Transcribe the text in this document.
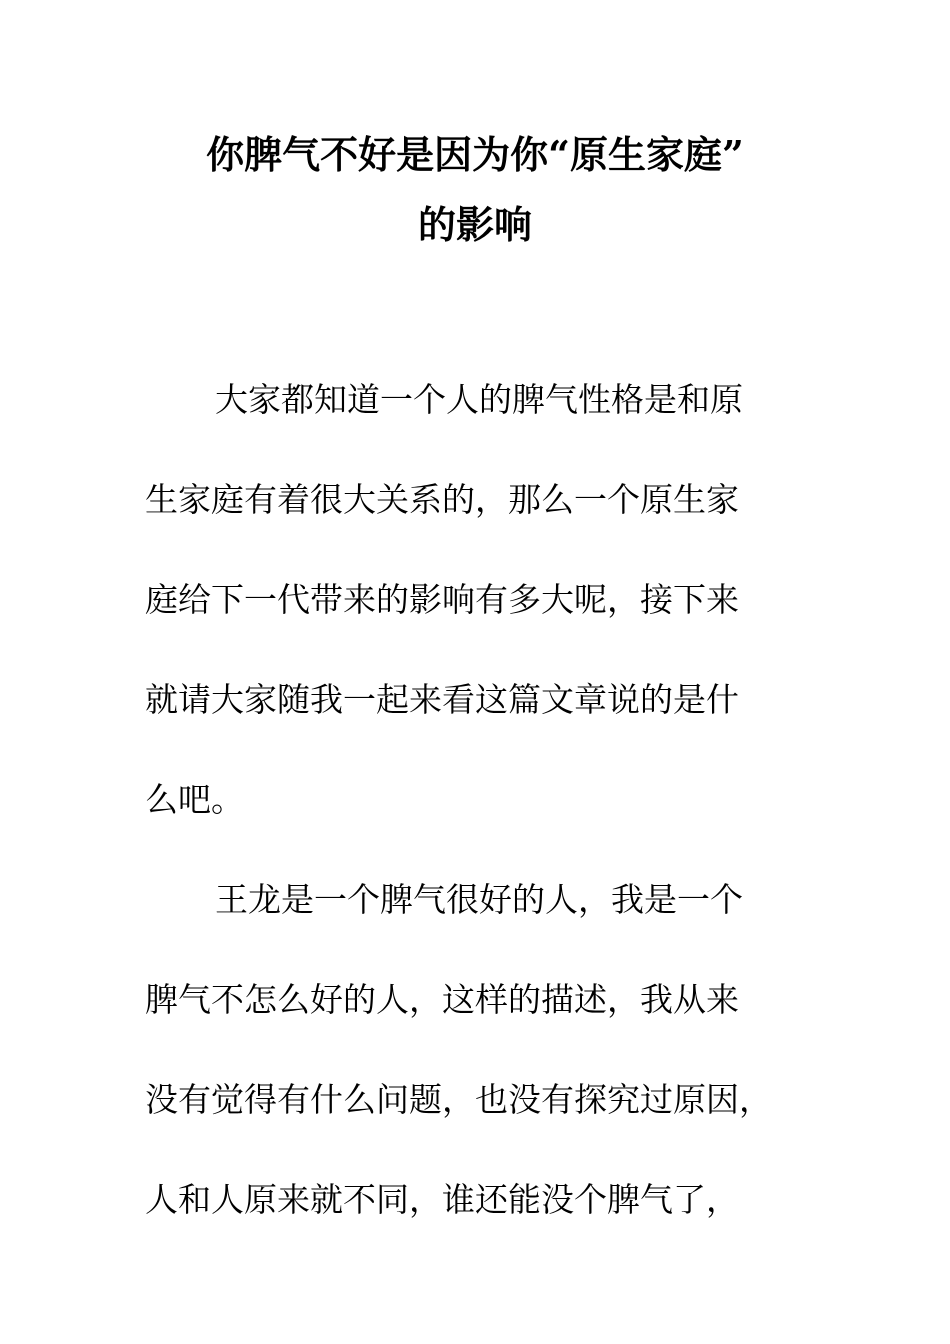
你脾气不好是因为你“原生家庭”
的影响
大家都知道一个人的脾气性格是和原
生家庭有着很大关系的，那么一个原生家
庭给下一代带来的影响有多大呢，接下来
就请大家随我一起来看这篇文章说的是什
么吧。
王龙是一个脾气很好的人，我是一个
脾气不怎么好的人，这样的描述，我从来
没有觉得有什么问题，也没有探究过原因，
人和人原来就不同，谁还能没个脾气了，
